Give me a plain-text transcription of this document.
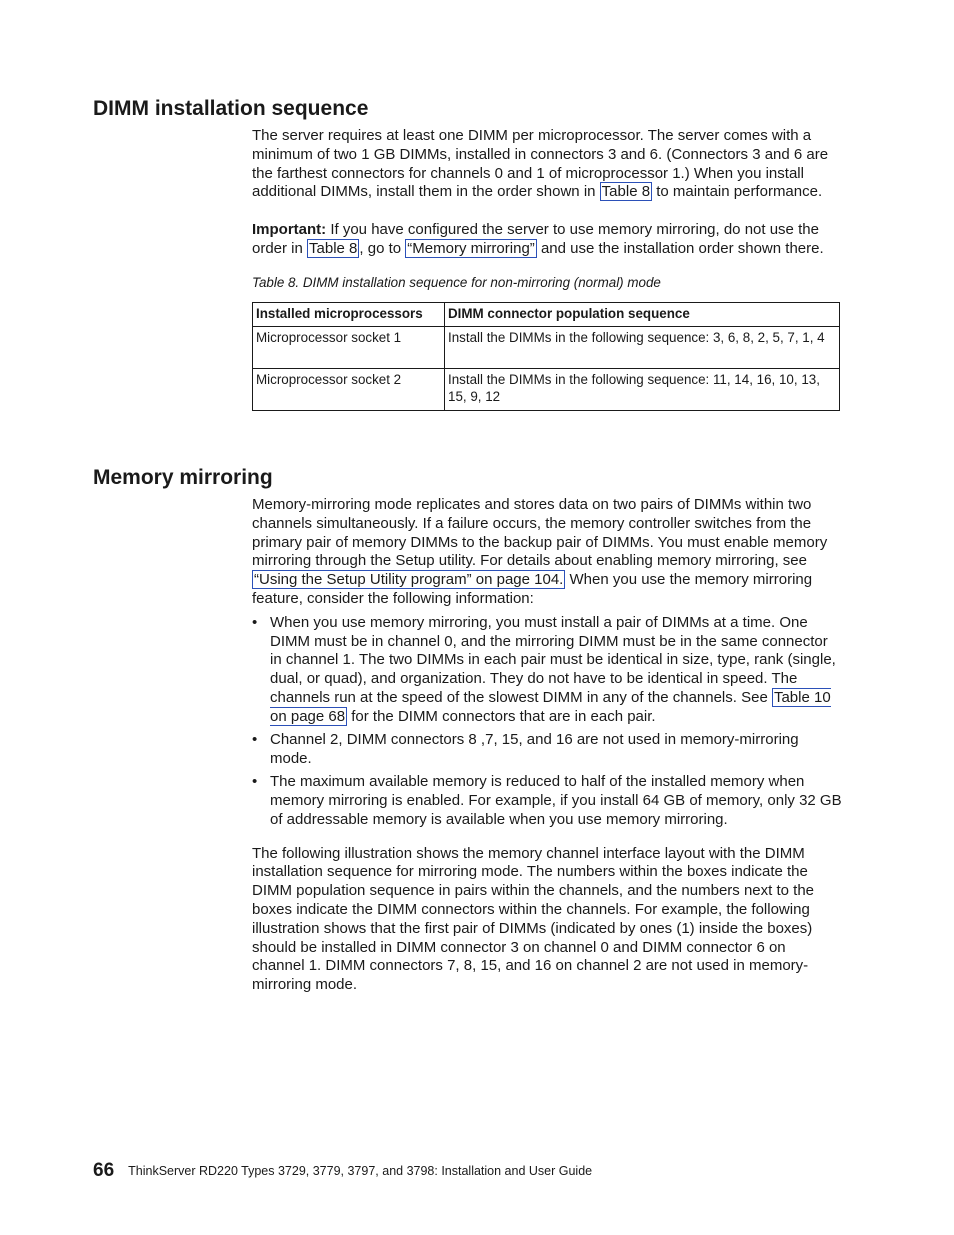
DIMM installation sequence

The server requires at least one DIMM per microprocessor. The server comes with a minimum of two 1 GB DIMMs, installed in connectors 3 and 6. (Connectors 3 and 6 are the farthest connectors for channels 0 and 1 of microprocessor 1.) When you install additional DIMMs, install them in the order shown in Table 8 to maintain performance.

Important: If you have configured the server to use memory mirroring, do not use the order in Table 8 , go to “Memory mirroring” and use the installation order shown there.

Table 8. DIMM installation sequence for non-mirroring (normal) mode

Installed microprocessors	DIMM connector population sequence
Microprocessor socket 1	Install the DIMMs in the following sequence: 3, 6, 8, 2, 5, 7, 1, 4
Microprocessor socket 2	Install the DIMMs in the following sequence: 11, 14, 16, 10, 13, 15, 9, 12
Memory mirroring

Memory-mirroring mode replicates and stores data on two pairs of DIMMs within two channels simultaneously. If a failure occurs, the memory controller switches from the primary pair of memory DIMMs to the backup pair of DIMMs. You must enable memory mirroring through the Setup utility. For details about enabling memory mirroring, see “Using the Setup Utility program” on page 104. When you use the memory mirroring feature, consider the following information:

• When you use memory mirroring, you must install a pair of DIMMs at a time. One DIMM must be in channel 0, and the mirroring DIMM must be in the same connector in channel 1. The two DIMMs in each pair must be identical in size, type, rank (single, dual, or quad), and organization. They do not have to be identical in speed. The channels run at the speed of the slowest DIMM in any of the channels. See Table 10 on page 68 for the DIMM connectors that are in each pair.
• Channel 2, DIMM connectors 8 ,7, 15, and 16 are not used in memory-mirroring mode.
• The maximum available memory is reduced to half of the installed memory when memory mirroring is enabled. For example, if you install 64 GB of memory, only 32 GB of addressable memory is available when you use memory mirroring.

The following illustration shows the memory channel interface layout with the DIMM installation sequence for mirroring mode. The numbers within the boxes indicate the DIMM population sequence in pairs within the channels, and the numbers next to the boxes indicate the DIMM connectors within the channels. For example, the following illustration shows that the first pair of DIMMs (indicated by ones (1) inside the boxes) should be installed in DIMM connector 3 on channel 0 and DIMM connector 6 on channel 1. DIMM connectors 7, 8, 15, and 16 on channel 2 are not used in memory-mirroring mode.

66 ThinkServer RD220 Types 3729, 3779, 3797, and 3798: Installation and User Guide
